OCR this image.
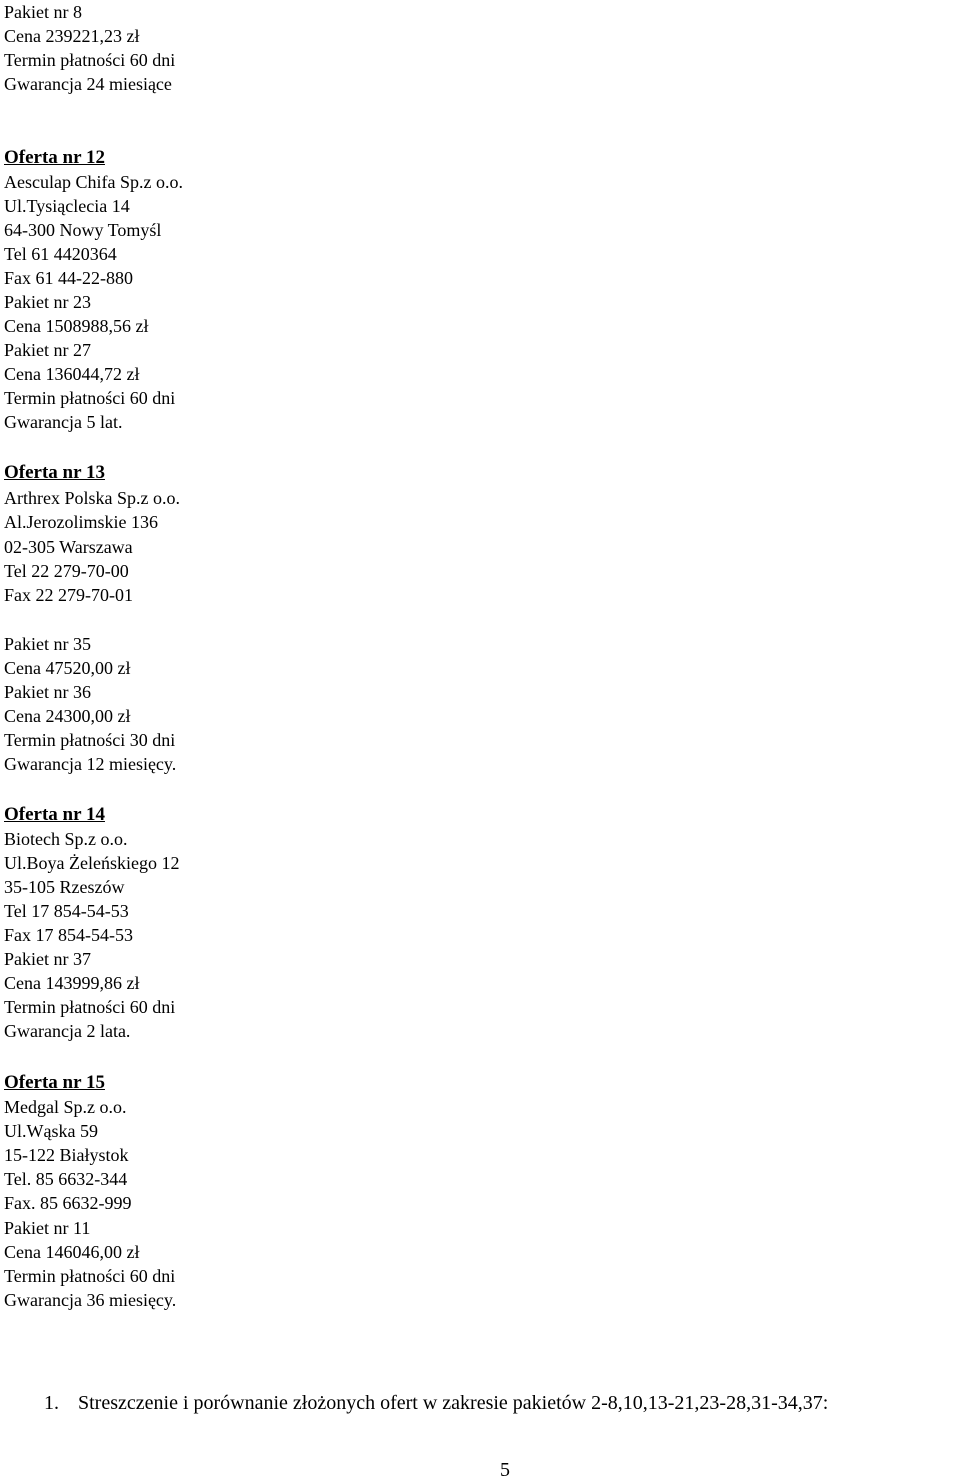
Pakiet nr 8
Cena 239221,23 zł
Termin płatności 60 dni
Gwarancja 24 miesiące
Oferta nr 12
Aesculap Chifa Sp.z o.o.
Ul.Tysiąclecia 14
64-300 Nowy Tomyśl
Tel 61 4420364
Fax 61 44-22-880
Pakiet nr 23
Cena 1508988,56 zł
Pakiet nr 27
Cena 136044,72 zł
Termin płatności 60 dni
Gwarancja 5 lat.
Oferta nr 13
Arthrex Polska Sp.z o.o.
Al.Jerozolimskie 136
02-305 Warszawa
Tel 22 279-70-00
Fax 22 279-70-01
Pakiet nr 35
Cena 47520,00 zł
Pakiet nr 36
Cena 24300,00 zł
Termin płatności 30 dni
Gwarancja 12 miesięcy.
Oferta nr 14
Biotech Sp.z o.o.
Ul.Boya Żeleńskiego 12
35-105 Rzeszów
Tel 17 854-54-53
Fax 17 854-54-53
Pakiet nr 37
Cena 143999,86 zł
Termin płatności 60 dni
Gwarancja 2 lata.
Oferta nr 15
Medgal Sp.z o.o.
Ul.Wąska 59
15-122 Białystok
Tel. 85 6632-344
Fax. 85 6632-999
Pakiet nr 11
Cena 146046,00 zł
Termin płatności 60 dni
Gwarancja 36 miesięcy.
1. Streszczenie i porównanie złożonych ofert w zakresie pakietów 2-8,10,13-21,23-28,31-34,37:
5
